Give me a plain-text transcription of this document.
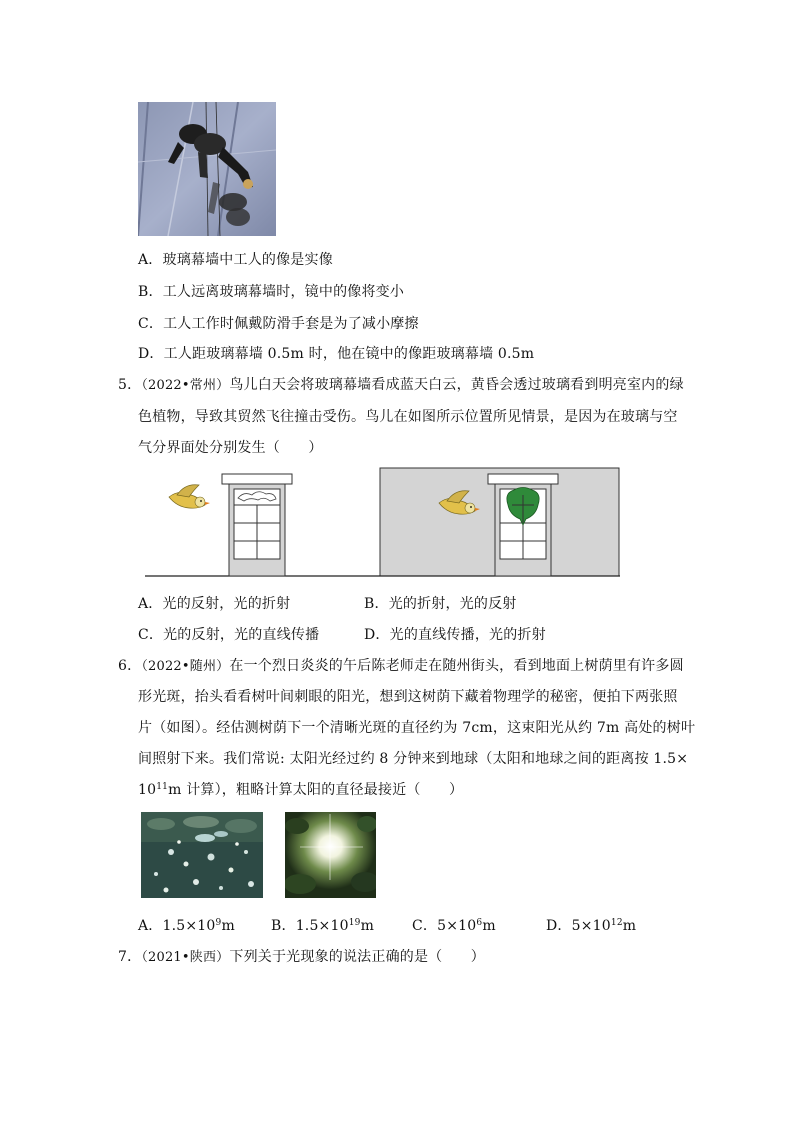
A．玻璃幕墙中工人的像是实像
B．工人远离玻璃幕墙时，镜中的像将变小
C．工人工作时佩戴防滑手套是为了减小摩擦
D．工人距玻璃幕墙 0.5m 时，他在镜中的像距玻璃幕墙 0.5m
5．（2022•常州）鸟儿白天会将玻璃幕墙看成蓝天白云，黄昏会透过玻璃看到明亮室内的绿
色植物，导致其贸然飞往撞击受伤。鸟儿在如图所示位置所见情景，是因为在玻璃与空
气分界面处分别发生（　　）
A．光的反射，光的折射	B．光的折射，光的反射
C．光的反射，光的直线传播	D．光的直线传播，光的折射
6．（2022•随州）在一个烈日炎炎的午后陈老师走在随州街头，看到地面上树荫里有许多圆
形光斑，抬头看看树叶间刺眼的阳光，想到这树荫下藏着物理学的秘密，便拍下两张照
片（如图）。经估测树荫下一个清晰光斑的直径约为 7cm，这束阳光从约 7m 高处的树叶
间照射下来。我们常说: 太阳光经过约 8 分钟来到地球（太阳和地球之间的距离按 1.5×
$10^{11}m$ 计算），粗略计算太阳的直径最接近（　　）
A．$1.5\times 10^9m$	B．$1.5\times 10^{19}m$	C．$5\times 10^6m$	D．$5\times 10^{12}m$
7．（2021•陕西）下列关于光现象的说法正确的是（　　）
